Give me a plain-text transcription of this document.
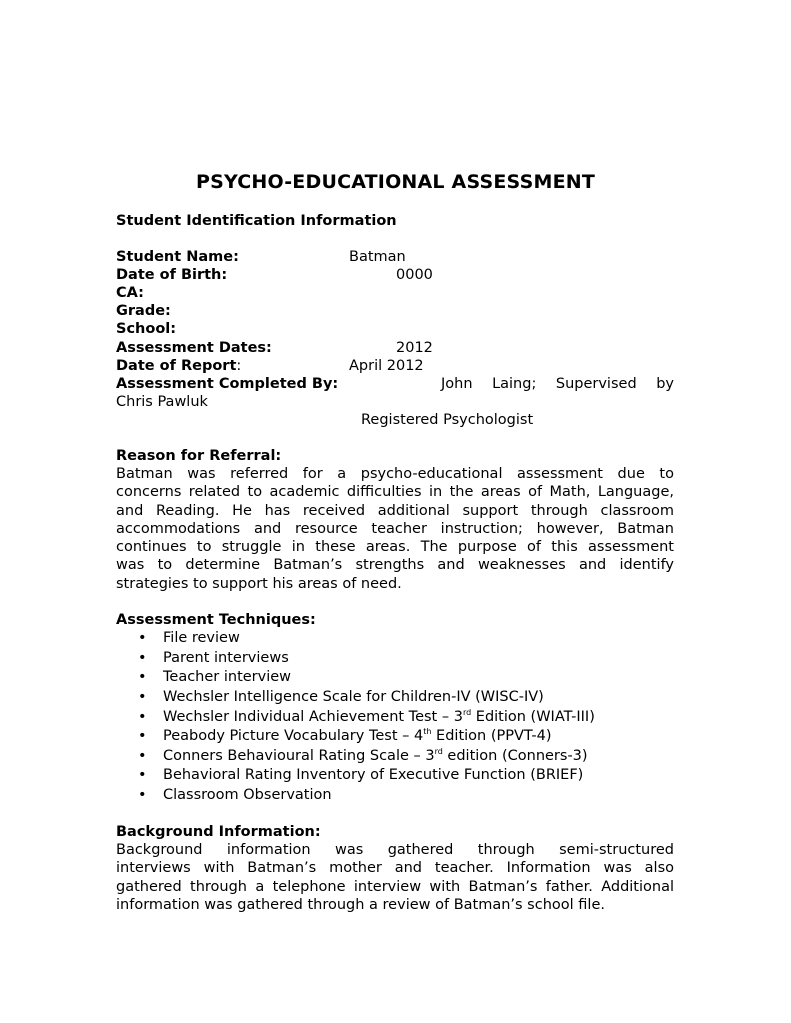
PSYCHO-EDUCATIONAL ASSESSMENT
Student Identification Information
Student Name:	Batman
Date of Birth:	0000
CA:
Grade:
School:
Assessment Dates:	2012
Date of Report:	April 2012
Assessment Completed By:	John Laing; Supervised by
Chris Pawluk
Registered Psychologist
Reason for Referral:
Batman was referred for a psycho-educational assessment due to
concerns related to academic difficulties in the areas of Math, Language,
and Reading. He has received additional support through classroom
accommodations and resource teacher instruction; however, Batman
continues to struggle in these areas. The purpose of this assessment
was to determine Batman’s strengths and weaknesses and identify
strategies to support his areas of need.
Assessment Techniques:
• File review
• Parent interviews
• Teacher interview
• Wechsler Intelligence Scale for Children-IV (WISC-IV)
• Wechsler Individual Achievement Test – 3rd Edition (WIAT-III)
• Peabody Picture Vocabulary Test – 4th Edition (PPVT-4)
• Conners Behavioural Rating Scale – 3rd edition (Conners-3)
• Behavioral Rating Inventory of Executive Function (BRIEF)
• Classroom Observation
Background Information:
Background information was gathered through semi-structured
interviews with Batman’s mother and teacher. Information was also
gathered through a telephone interview with Batman’s father. Additional
information was gathered through a review of Batman’s school file.
